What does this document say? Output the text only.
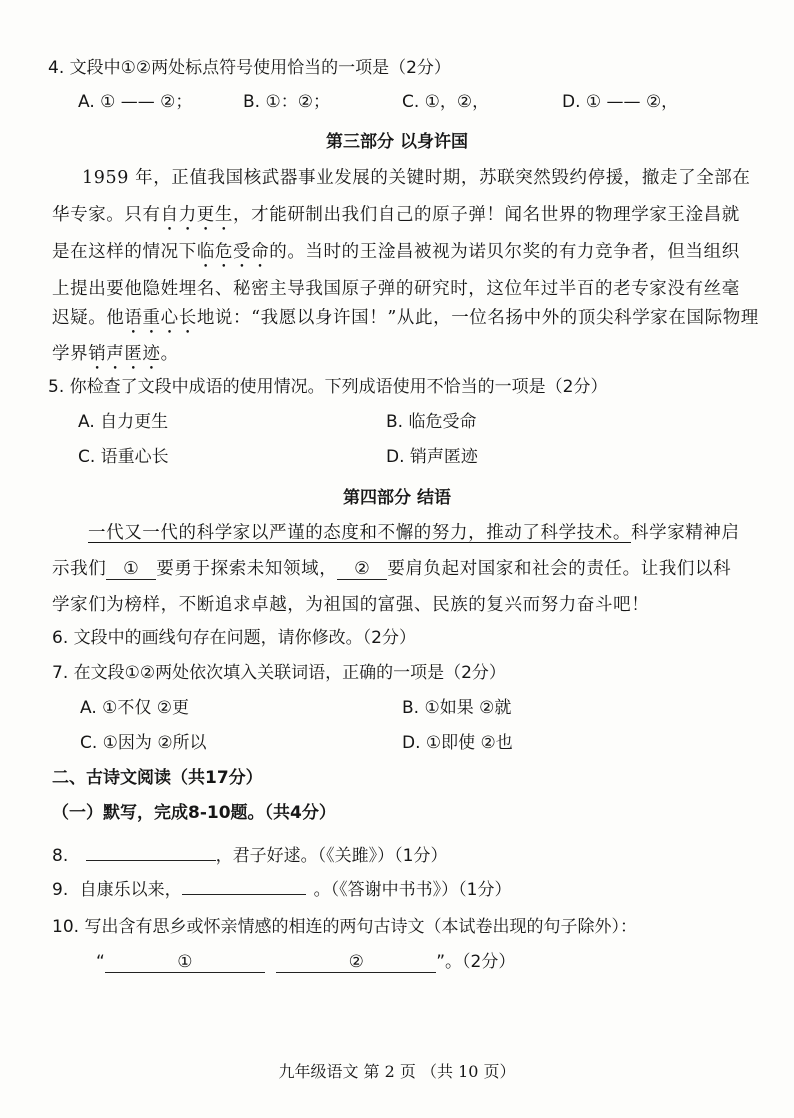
4. 文段中①②两处标点符号使用恰当的一项是（2分）
A. ① —— ②；	B. ①：②；	C. ①，②，	D. ① —— ②，
第三部分 以身许国
1959 年，正值我国核武器事业发展的关键时期，苏联突然毁约停援，撤走了全部在
华专家。只有自力更生，才能研制出我们自己的原子弹！闻名世界的物理学家王淦昌就
是在这样的情况下临危受命的。当时的王淦昌被视为诺贝尔奖的有力竞争者，但当组织
上提出要他隐姓埋名、秘密主导我国原子弹的研究时，这位年过半百的老专家没有丝毫
迟疑。他语重心长地说：“我愿以身许国！”从此，一位名扬中外的顶尖科学家在国际物理
学界销声匿迹。
5. 你检查了文段中成语的使用情况。下列成语使用不恰当的一项是（2分）
A. 自力更生	B. 临危受命
C. 语重心长	D. 销声匿迹
第四部分 结语
一代又一代的科学家以严谨的态度和不懈的努力，推动了科学技术。科学家精神启
示我们 ① 要勇于探索未知领域， ② 要肩负起对国家和社会的责任。让我们以科
学家们为榜样，不断追求卓越，为祖国的富强、民族的复兴而努力奋斗吧！
6. 文段中的画线句存在问题，请你修改。（2分）
7. 在文段①②两处依次填入关联词语，正确的一项是（2分）
A. ①不仅 ②更	B. ①如果 ②就
C. ①因为 ②所以	D. ①即使 ②也
二、古诗文阅读（共17分）
（一）默写，完成8-10题。（共4分）
8.	，君子好逑。（《关雎》）（1分）
9. 自康乐以来，	。（《答谢中书书》）（1分）
10. 写出含有思乡或怀亲情感的相连的两句古诗文（本试卷出现的句子除外）：
“	①	②	”。（2分）
九年级语文 第 2 页 （共 10 页）
